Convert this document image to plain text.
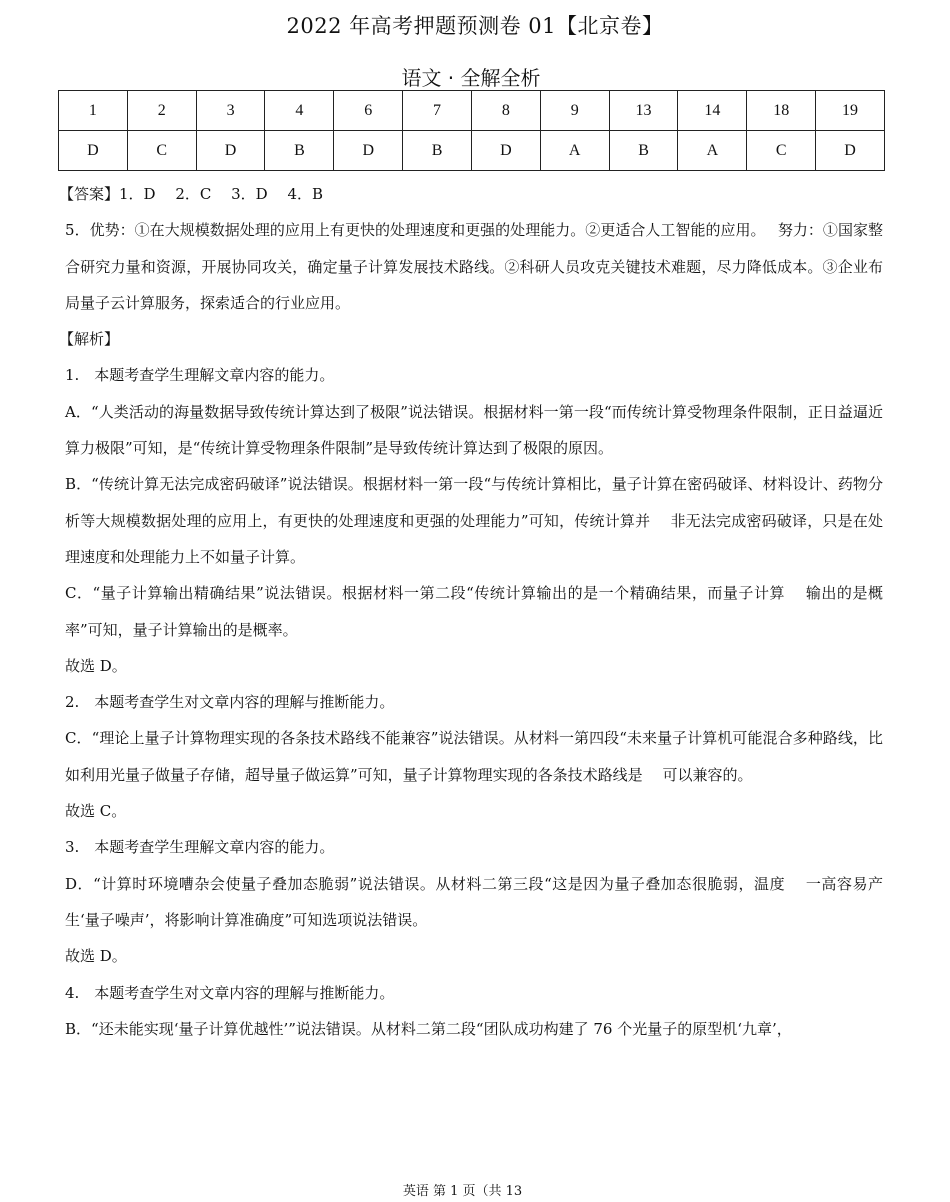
2022 年高考押题预测卷 01【北京卷】
语文 · 全解全析
1	2	3	4	6	7	8	9	13	14	18	19
D	C	D	B	D	B	D	A	B	A	C	D

【答案】1．D　 2．C　 3．D　 4．B

5．优势：①在大规模数据处理的应用上有更快的处理速度和更强的处理能力。②更适合人工智能的应用。　 努力：①国家整合研究力量和资源，开展协同攻关，确定量子计算发展技术路线。②科研人员攻克关键技术难题，尽力降低成本。③企业布局量子云计算服务，探索适合的行业应用。

【解析】

1.　本题考查学生理解文章内容的能力。

A．“人类活动的海量数据导致传统计算达到了极限”说法错误。根据材料一第一段“而传统计算受物理条件限制，正日益逼近算力极限”可知，是“传统计算受物理条件限制”是导致传统计算达到了极限的原因。

B．“传统计算无法完成密码破译”说法错误。根据材料一第一段“与传统计算相比，量子计算在密码破译、材料设计、药物分析等大规模数据处理的应用上，有更快的处理速度和更强的处理能力”可知，传统计算并　 非无法完成密码破译，只是在处理速度和处理能力上不如量子计算。

C．“量子计算输出精确结果”说法错误。根据材料一第二段“传统计算输出的是一个精确结果，而量子计算　 输出的是概率”可知，量子计算输出的是概率。

故选 D。

2.　本题考查学生对文章内容的理解与推断能力。

C．“理论上量子计算物理实现的各条技术路线不能兼容”说法错误。从材料一第四段“未来量子计算机可能混合多种路线，比如利用光量子做量子存储，超导量子做运算”可知，量子计算物理实现的各条技术路线是　 可以兼容的。

故选 C。

3.　本题考查学生理解文章内容的能力。

D．“计算时环境嘈杂会使量子叠加态脆弱”说法错误。从材料二第三段“这是因为量子叠加态很脆弱，温度　 一高容易产生‘量子噪声’，将影响计算准确度”可知选项说法错误。

故选 D。

4.　本题考查学生对文章内容的理解与推断能力。

B．“还未能实现‘量子计算优越性’”说法错误。从材料二第二段“团队成功构建了 76 个光量子的原型机‘九章’，

英语 第 1 页（共 13
